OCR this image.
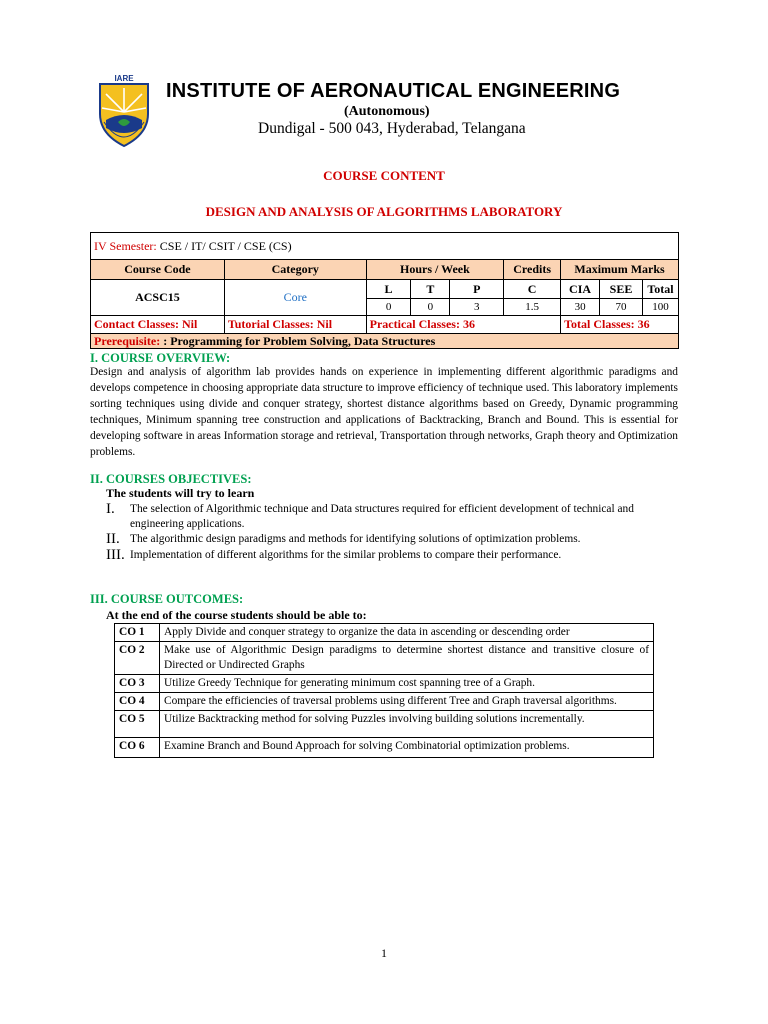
IARE
INSTITUTE OF AERONAUTICAL ENGINEERING
(Autonomous)
Dundigal - 500 043, Hyderabad, Telangana
COURSE CONTENT
DESIGN AND ANALYSIS OF ALGORITHMS LABORATORY
IV Semester: CSE / IT/ CSIT / CSE (CS)								
Course Code	Category	Hours / Week			Credits	Maximum Marks		
ACSC15	Core	L	T	P	C	CIA	SEE	Total
		0	0	3	1.5	30	70	100
Contact Classes: Nil	Tutorial Classes: Nil	Practical Classes: 36				Total Classes: 36		
Prerequisite: : Programming for Problem Solving, Data Structures								
I. COURSE OVERVIEW:
Design and analysis of algorithm lab provides hands on experience in implementing different algorithmic paradigms and develops competence in choosing appropriate data structure to improve efficiency of technique used. This laboratory implements sorting techniques using divide and conquer strategy, shortest distance algorithms based on Greedy, Dynamic programming techniques, Minimum spanning tree construction and applications of Backtracking, Branch and Bound. This is essential for developing software in areas Information storage and retrieval, Transportation through networks, Graph theory and Optimization problems.
II. COURSES OBJECTIVES:
The students will try to learn
I.	The selection of Algorithmic technique and Data structures required for efficient development of technical and engineering applications.
II. The algorithmic design paradigms and methods for identifying solutions of optimization problems.
III. Implementation of different algorithms for the similar problems to compare their performance.
III. COURSE OUTCOMES:
At the end of the course students should be able to:
CO 1	Apply Divide and conquer strategy to organize the data in ascending or descending order
CO 2	Make use of Algorithmic Design paradigms to determine shortest distance and transitive closure of Directed or Undirected Graphs
CO 3	Utilize Greedy Technique for generating minimum cost spanning tree of a Graph.
CO 4	Compare the efficiencies of traversal problems using different Tree and Graph traversal algorithms.
CO 5	Utilize Backtracking method for solving Puzzles involving building solutions incrementally.
CO 6	Examine Branch and Bound Approach for solving Combinatorial optimization problems.
1
